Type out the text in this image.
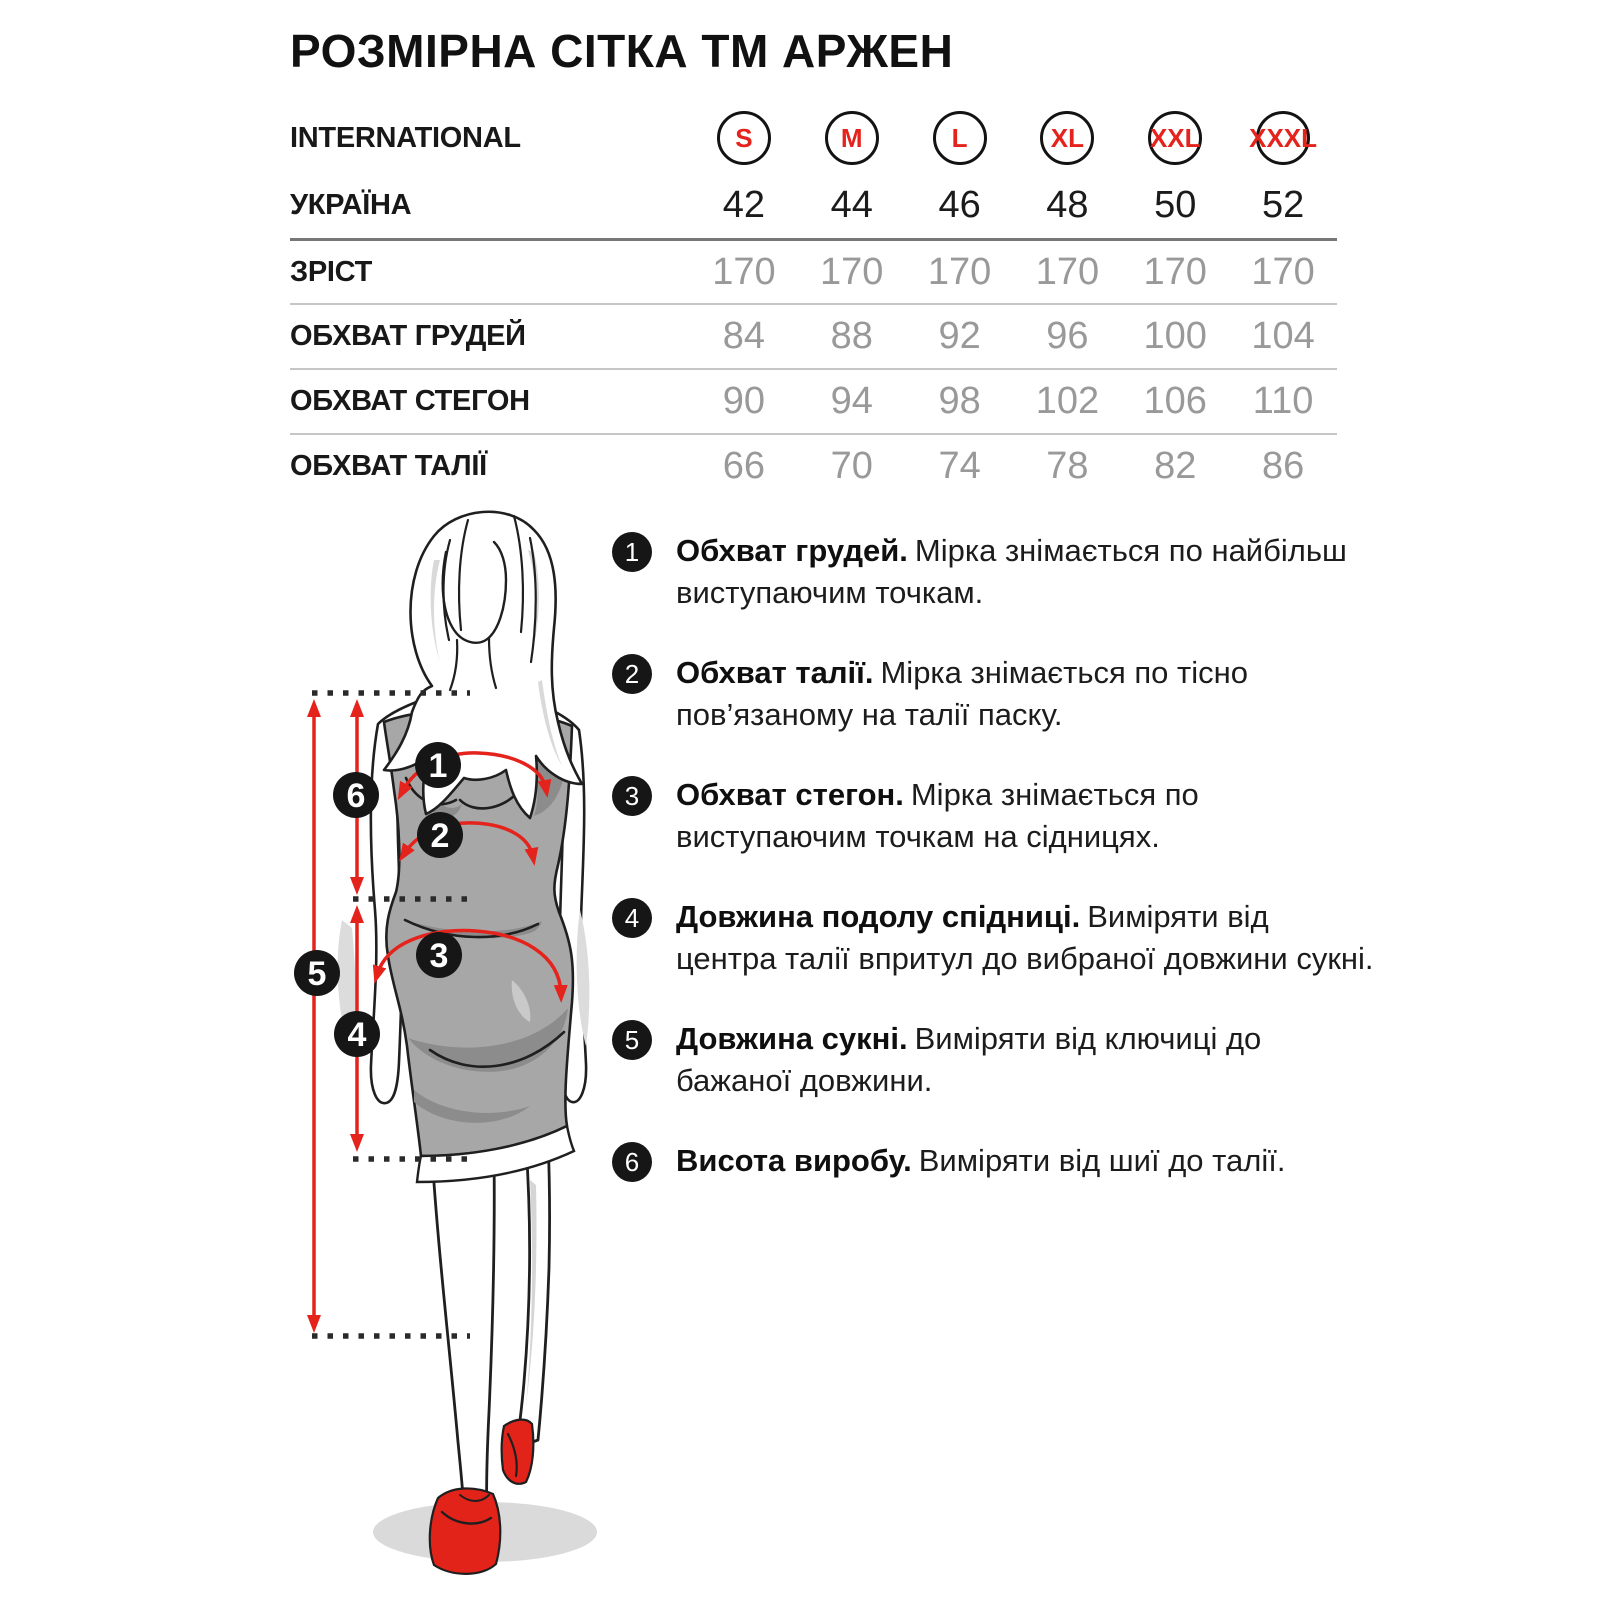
РОЗМІРНА СІТКА ТМ АРЖЕН
INTERNATIONAL	S	M	L	XL	XXL	XXXL
УКРАЇНА	42	44	46	48	50	52
ЗРІСТ	170	170	170	170	170	170
ОБХВАТ ГРУДЕЙ	84	88	92	96	100	104
ОБХВАТ СТЕГОН	90	94	98	102	106	110
ОБХВАТ ТАЛІЇ	66	70	74	78	82	86
1
2
3
4
5
6
1 Обхват грудей. Мірка знімається по найбільш виступаючим точкам.

2 Обхват талії. Мірка знімається по тісно пов’язаному на талії паску.

3 Обхват стегон. Мірка знімається по виступаючим точкам на сідницях.

4 Довжина подолу спідниці. Виміряти від центра талії впритул до вибраної довжини сукні.

5 Довжина сукні. Виміряти від ключиці до бажаної довжини.

6 Висота виробу. Виміряти від шиї до талії.
